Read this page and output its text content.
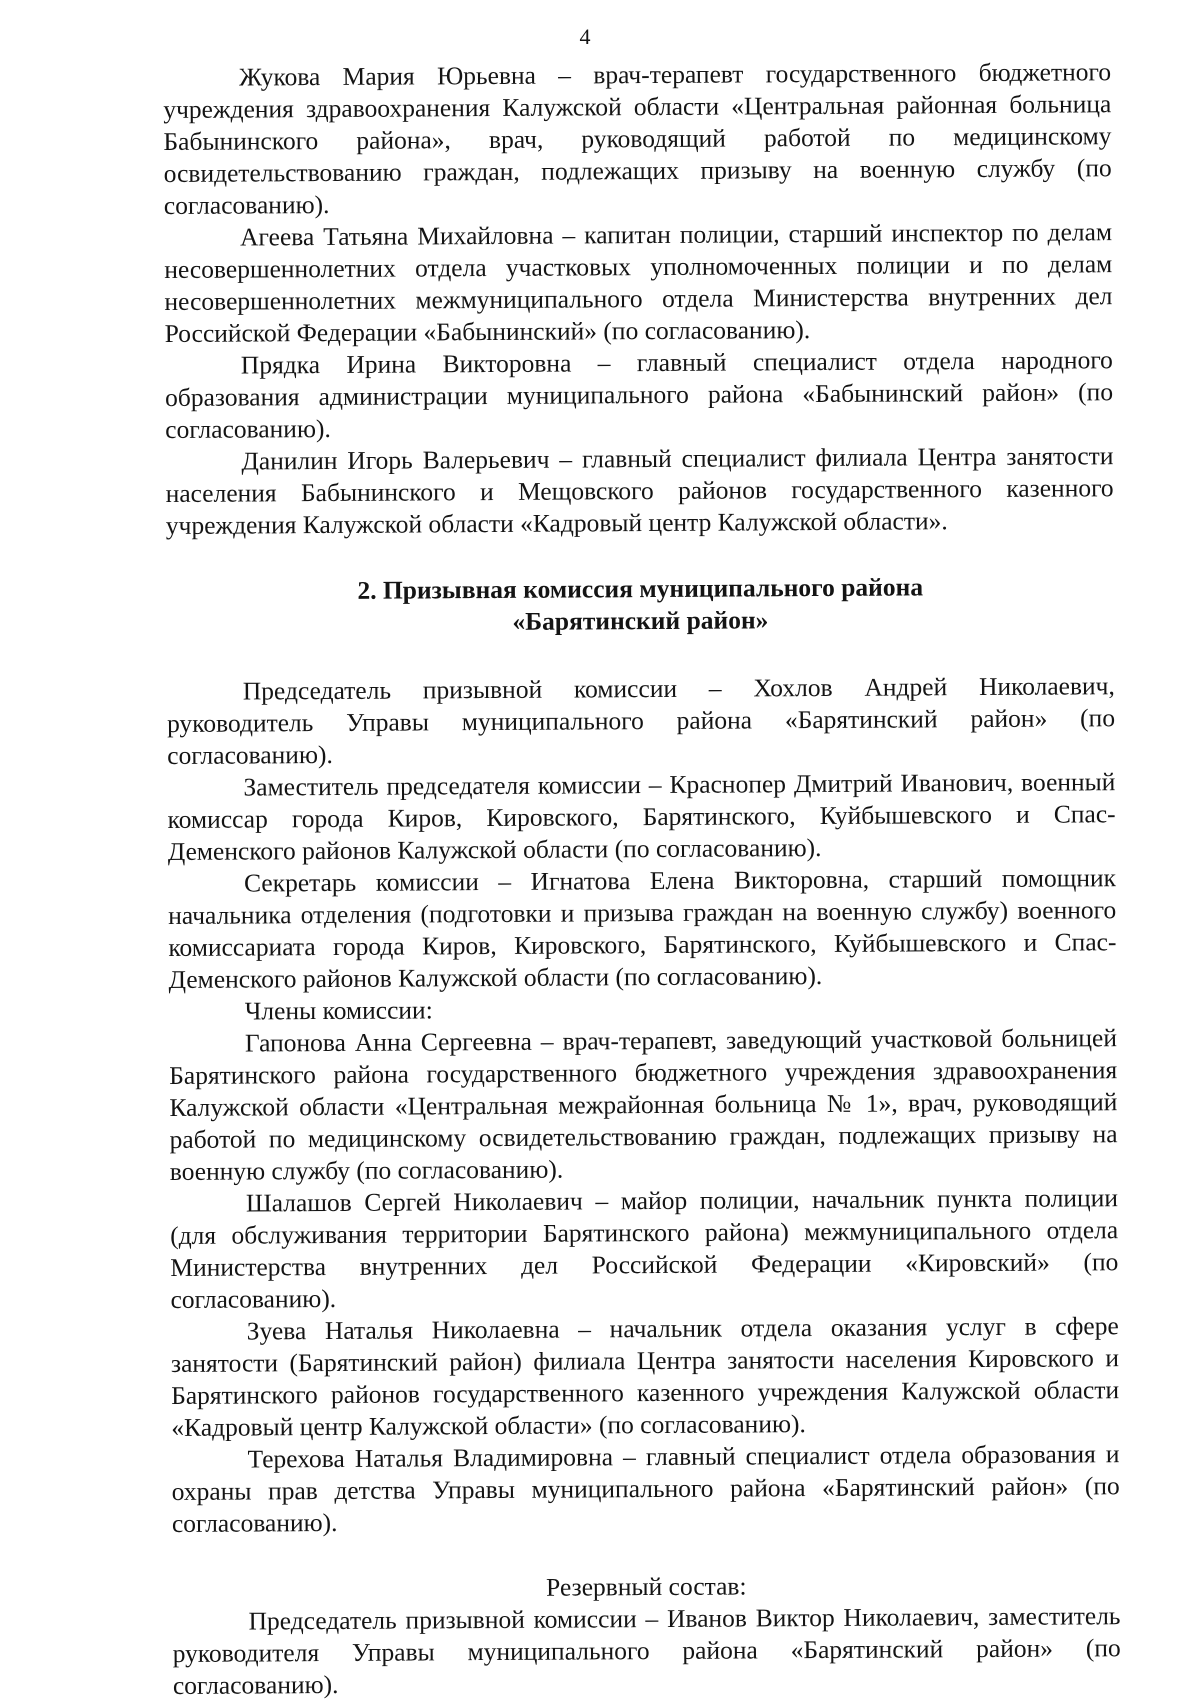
4

Жукова Мария Юрьевна – врач-терапевт государственного бюджетного учреждения здравоохранения Калужской области «Центральная районная больница Бабынинского района», врач, руководящий работой по медицинскому освидетельствованию граждан, подлежащих призыву на военную службу (по согласованию).

Агеева Татьяна Михайловна – капитан полиции, старший инспектор по делам несовершеннолетних отдела участковых уполномоченных полиции и по делам несовершеннолетних межмуниципального отдела Министерства внутренних дел Российской Федерации «Бабынинский» (по согласованию).

Прядка Ирина Викторовна – главный специалист отдела народного образования администрации муниципального района «Бабынинский район» (по согласованию).

Данилин Игорь Валерьевич – главный специалист филиала Центра занятости населения Бабынинского и Мещовского районов государственного казенного учреждения Калужской области «Кадровый центр Калужской области».

2. Призывная комиссия муниципального района
«Барятинский район»

Председатель призывной комиссии – Хохлов Андрей Николаевич, руководитель Управы муниципального района «Барятинский район» (по согласованию).

Заместитель председателя комиссии – Краснопер Дмитрий Иванович, военный комиссар города Киров, Кировского, Барятинского, Куйбышевского и Спас-Деменского районов Калужской области (по согласованию).

Секретарь комиссии – Игнатова Елена Викторовна, старший помощник начальника отделения (подготовки и призыва граждан на военную службу) военного комиссариата города Киров, Кировского, Барятинского, Куйбышевского и Спас-Деменского районов Калужской области (по согласованию).

Члены комиссии:

Гапонова Анна Сергеевна – врач-терапевт, заведующий участковой больницей Барятинского района государственного бюджетного учреждения здравоохранения Калужской области «Центральная межрайонная больница № 1», врач, руководящий работой по медицинскому освидетельствованию граждан, подлежащих призыву на военную службу (по согласованию).

Шалашов Сергей Николаевич – майор полиции, начальник пункта полиции (для обслуживания территории Барятинского района) межмуниципального отдела Министерства внутренних дел Российской Федерации «Кировский» (по согласованию).

Зуева Наталья Николаевна – начальник отдела оказания услуг в сфере занятости (Барятинский район) филиала Центра занятости населения Кировского и Барятинского районов государственного казенного учреждения Калужской области «Кадровый центр Калужской области» (по согласованию).

Терехова Наталья Владимировна – главный специалист отдела образования и охраны прав детства Управы муниципального района «Барятинский район» (по согласованию).

Резервный состав:

Председатель призывной комиссии – Иванов Виктор Николаевич, заместитель руководителя Управы муниципального района «Барятинский район» (по согласованию).
